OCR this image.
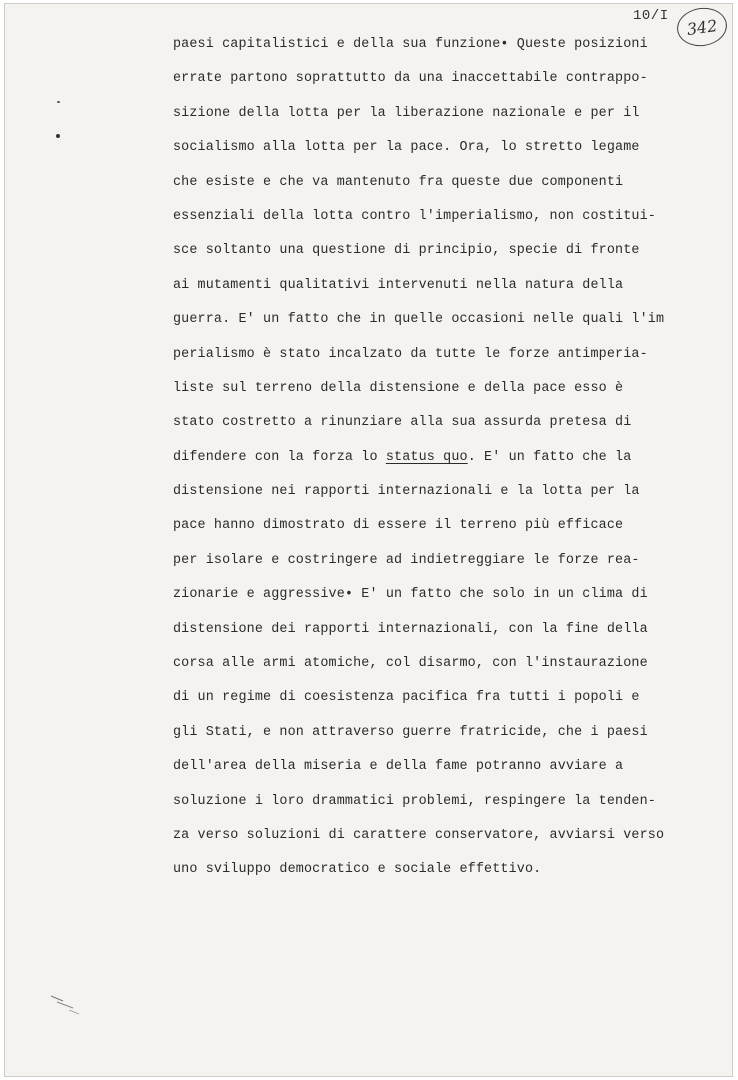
10/I	342
paesi capitalistici e della sua funzione• Queste posizioni
errate partono soprattutto da una inaccettabile contrappo-
sizione della lotta per la liberazione nazionale e per il
socialismo alla lotta per la pace. Ora, lo stretto legame
che esiste e che va mantenuto fra queste due componenti
essenziali della lotta contro l'imperialismo, non costitui-
sce soltanto una questione di principio, specie di fronte
ai mutamenti qualitativi intervenuti nella natura della
guerra. E' un fatto che in quelle occasioni nelle quali l'im
perialismo è stato incalzato da tutte le forze antimperia-
liste sul terreno della distensione e della pace esso è
stato costretto a rinunziare alla sua assurda pretesa di
difendere con la forza lo status quo. E' un fatto che la
distensione nei rapporti internazionali e la lotta per la
pace hanno dimostrato di essere il terreno più efficace
per isolare e costringere ad indietreggiare le forze rea-
zionarie e aggressive• E' un fatto che solo in un clima di
distensione dei rapporti internazionali, con la fine della
corsa alle armi atomiche, col disarmo, con l'instaurazione
di un regime di coesistenza pacifica fra tutti i popoli e
gli Stati, e non attraverso guerre fratricide, che i paesi
dell'area della miseria e della fame potranno avviare a
soluzione i loro drammatici problemi, respingere la tenden-
za verso soluzioni di carattere conservatore, avviarsi verso
uno sviluppo democratico e sociale effettivo.
